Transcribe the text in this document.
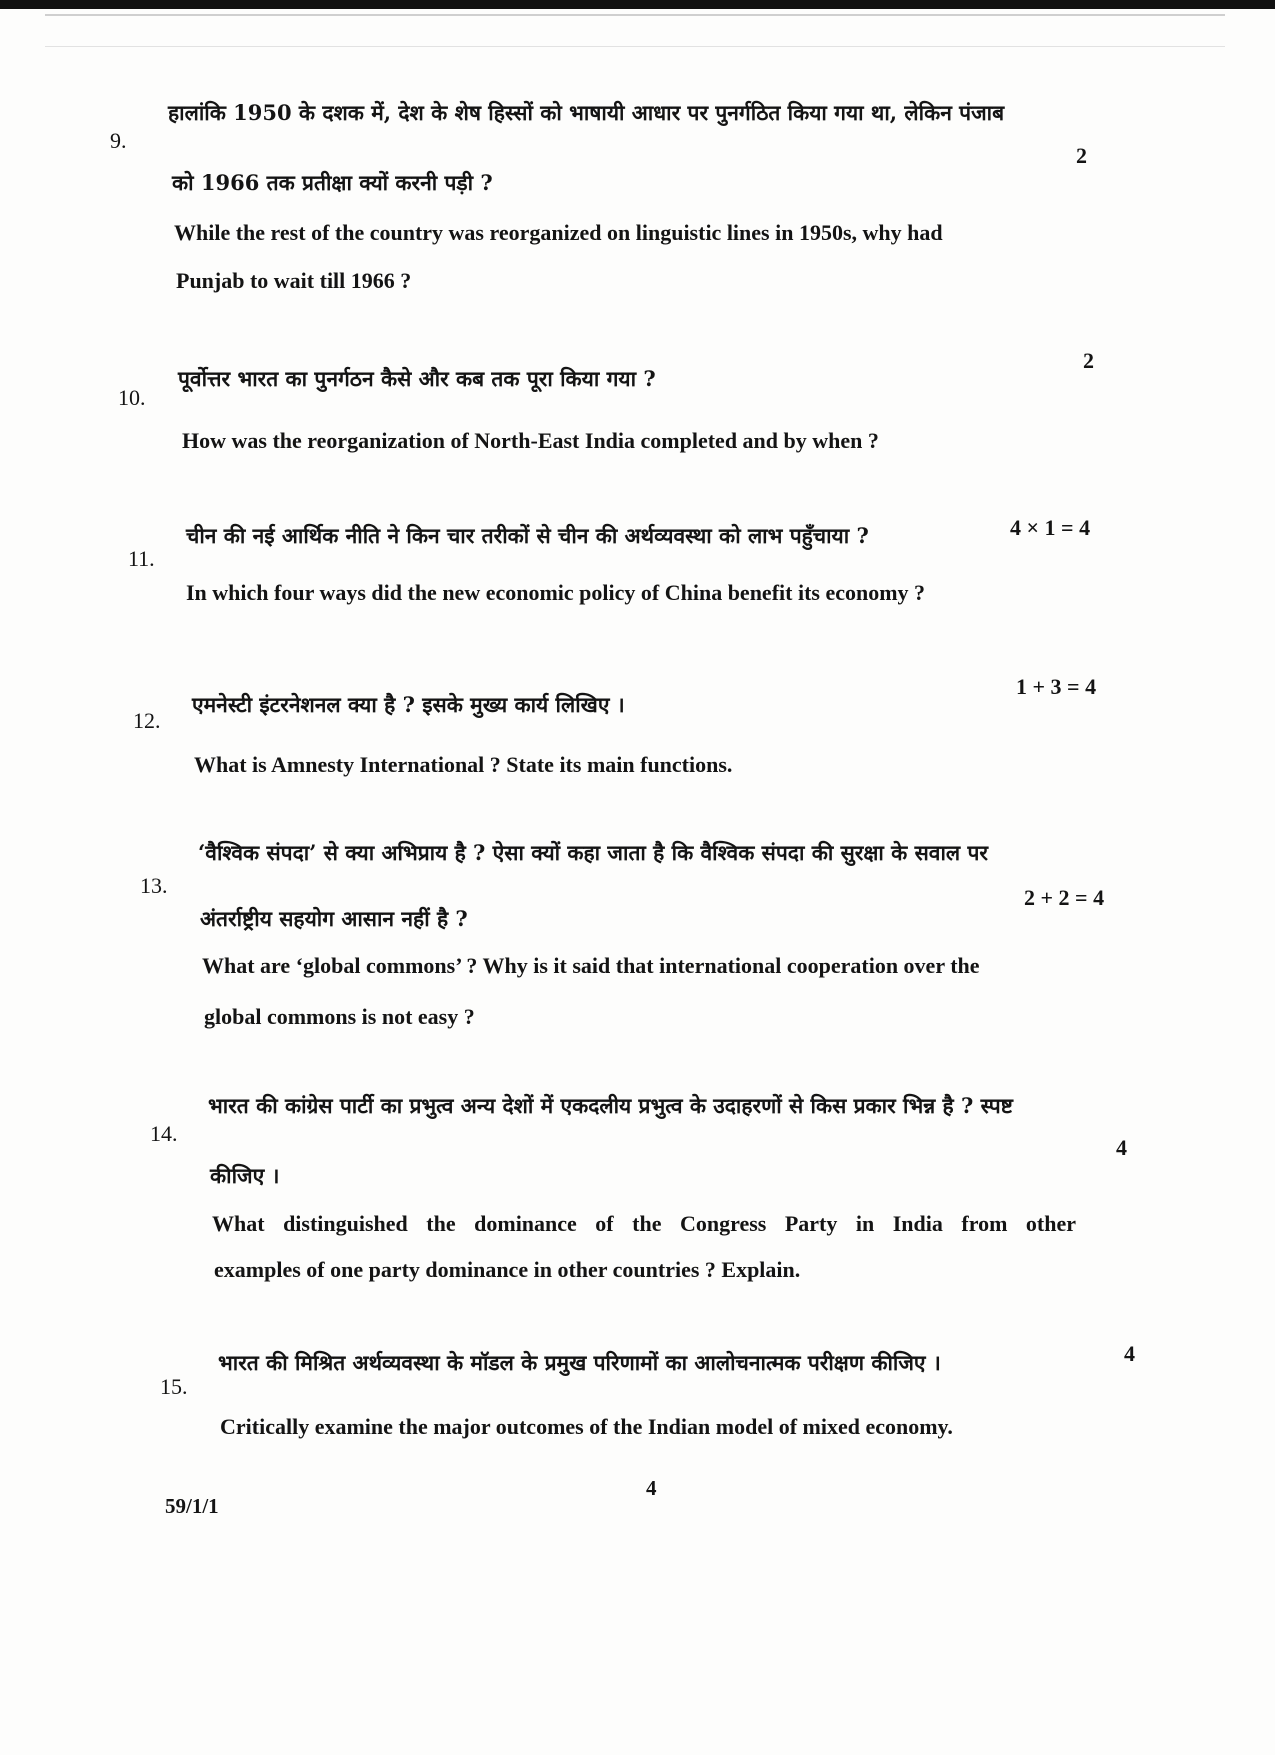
9.
हालांकि 1950 के दशक में, देश के शेष हिस्सों को भाषायी आधार पर पुनर्गठित किया गया था, लेकिन पंजाब
2
को 1966 तक प्रतीक्षा क्यों करनी पड़ी ?
While the rest of the country was reorganized on linguistic lines in 1950s, why had
Punjab to wait till 1966 ?
10.
पूर्वोत्तर भारत का पुनर्गठन कैसे और कब तक पूरा किया गया ?
2
How was the reorganization of North-East India completed and by when ?
11.
चीन की नई आर्थिक नीति ने किन चार तरीकों से चीन की अर्थव्यवस्था को लाभ पहुँचाया ?	4 × 1 = 4
In which four ways did the new economic policy of China benefit its economy ?
12.
एमनेस्टी इंटरनेशनल क्या है ? इसके मुख्य कार्य लिखिए ।
1 + 3 = 4
What is Amnesty International ? State its main functions.
13.
‘वैश्विक संपदा’ से क्या अभिप्राय है ? ऐसा क्यों कहा जाता है कि वैश्विक संपदा की सुरक्षा के सवाल पर
2 + 2 = 4
अंतर्राष्ट्रीय सहयोग आसान नहीं है ?
What are ‘global commons’ ? Why is it said that international cooperation over the
global commons is not easy ?
14.
भारत की कांग्रेस पार्टी का प्रभुत्व अन्य देशों में एकदलीय प्रभुत्व के उदाहरणों से किस प्रकार भिन्न है ? स्पष्ट
4
कीजिए ।
What distinguished the dominance of the Congress Party in India from other
examples of one party dominance in other countries ? Explain.
15.
भारत की मिश्रित अर्थव्यवस्था के मॉडल के प्रमुख परिणामों का आलोचनात्मक परीक्षण कीजिए ।	4
Critically examine the major outcomes of the Indian model of mixed economy.
4
59/1/1
